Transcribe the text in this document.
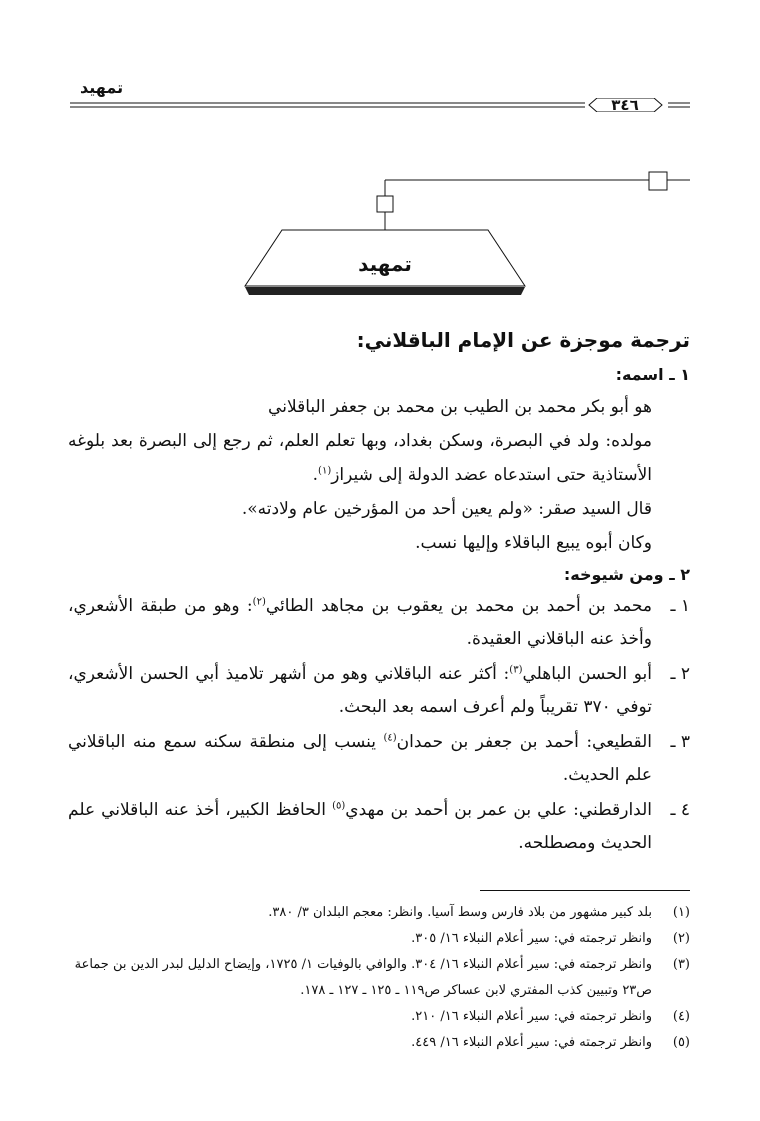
تمهيد
٣٤٦
تمهيد
ترجمة موجزة عن الإمام الباقلاني:
١ ـ اسمه:

هو أبو بكر محمد بن الطيب بن محمد بن جعفر الباقلاني

مولده: ولد في البصرة، وسكن بغداد، وبها تعلم العلم، ثم رجع إلى البصرة بعد بلوغه الأستاذية حتى استدعاه عضد الدولة إلى شيراز$^{(١)}$.

قال السيد صقر: «ولم يعين أحد من المؤرخين عام ولادته».

وكان أبوه يبيع الباقلاء وإليها نسب.

٢ ـ ومن شيوخه:
١ ـ
محمد بن أحمد بن محمد بن يعقوب بن مجاهد الطائي$^{(٢)}$: وهو من طبقة الأشعري، وأخذ عنه الباقلاني العقيدة.
٢ ـ
أبو الحسن الباهلي$^{(٣)}$: أكثر عنه الباقلاني وهو من أشهر تلاميذ أبي الحسن الأشعري، توفي ٣٧٠ تقريباً ولم أعرف اسمه بعد البحث.
٣ ـ
القطيعي: أحمد بن جعفر بن حمدان$^{(٤)}$ ينسب إلى منطقة سكنه سمع منه الباقلاني علم الحديث.
٤ ـ
الدارقطني: علي بن عمر بن أحمد بن مهدي$^{(٥)}$ الحافظ الكبير، أخذ عنه الباقلاني علم الحديث ومصطلحه.
(١)
بلد كبير مشهور من بلاد فارس وسط آسيا. وانظر: معجم البلدان ٣/ ٣٨٠.
(٢)
وانظر ترجمته في: سير أعلام النبلاء ١٦/ ٣٠٥.
(٣)
وانظر ترجمته في: سير أعلام النبلاء ١٦/ ٣٠٤. والوافي بالوفيات ١/ ١٧٢٥، وإيضاح الدليل لبدر الدين بن جماعة ص٢٣ وتبيين كذب المفتري لابن عساكر ص١١٩ ـ ١٢٥ ـ ١٢٧ ـ ١٧٨.
(٤)
وانظر ترجمته في: سير أعلام النبلاء ١٦/ ٢١٠.
(٥)
وانظر ترجمته في: سير أعلام النبلاء ١٦/ ٤٤٩.
